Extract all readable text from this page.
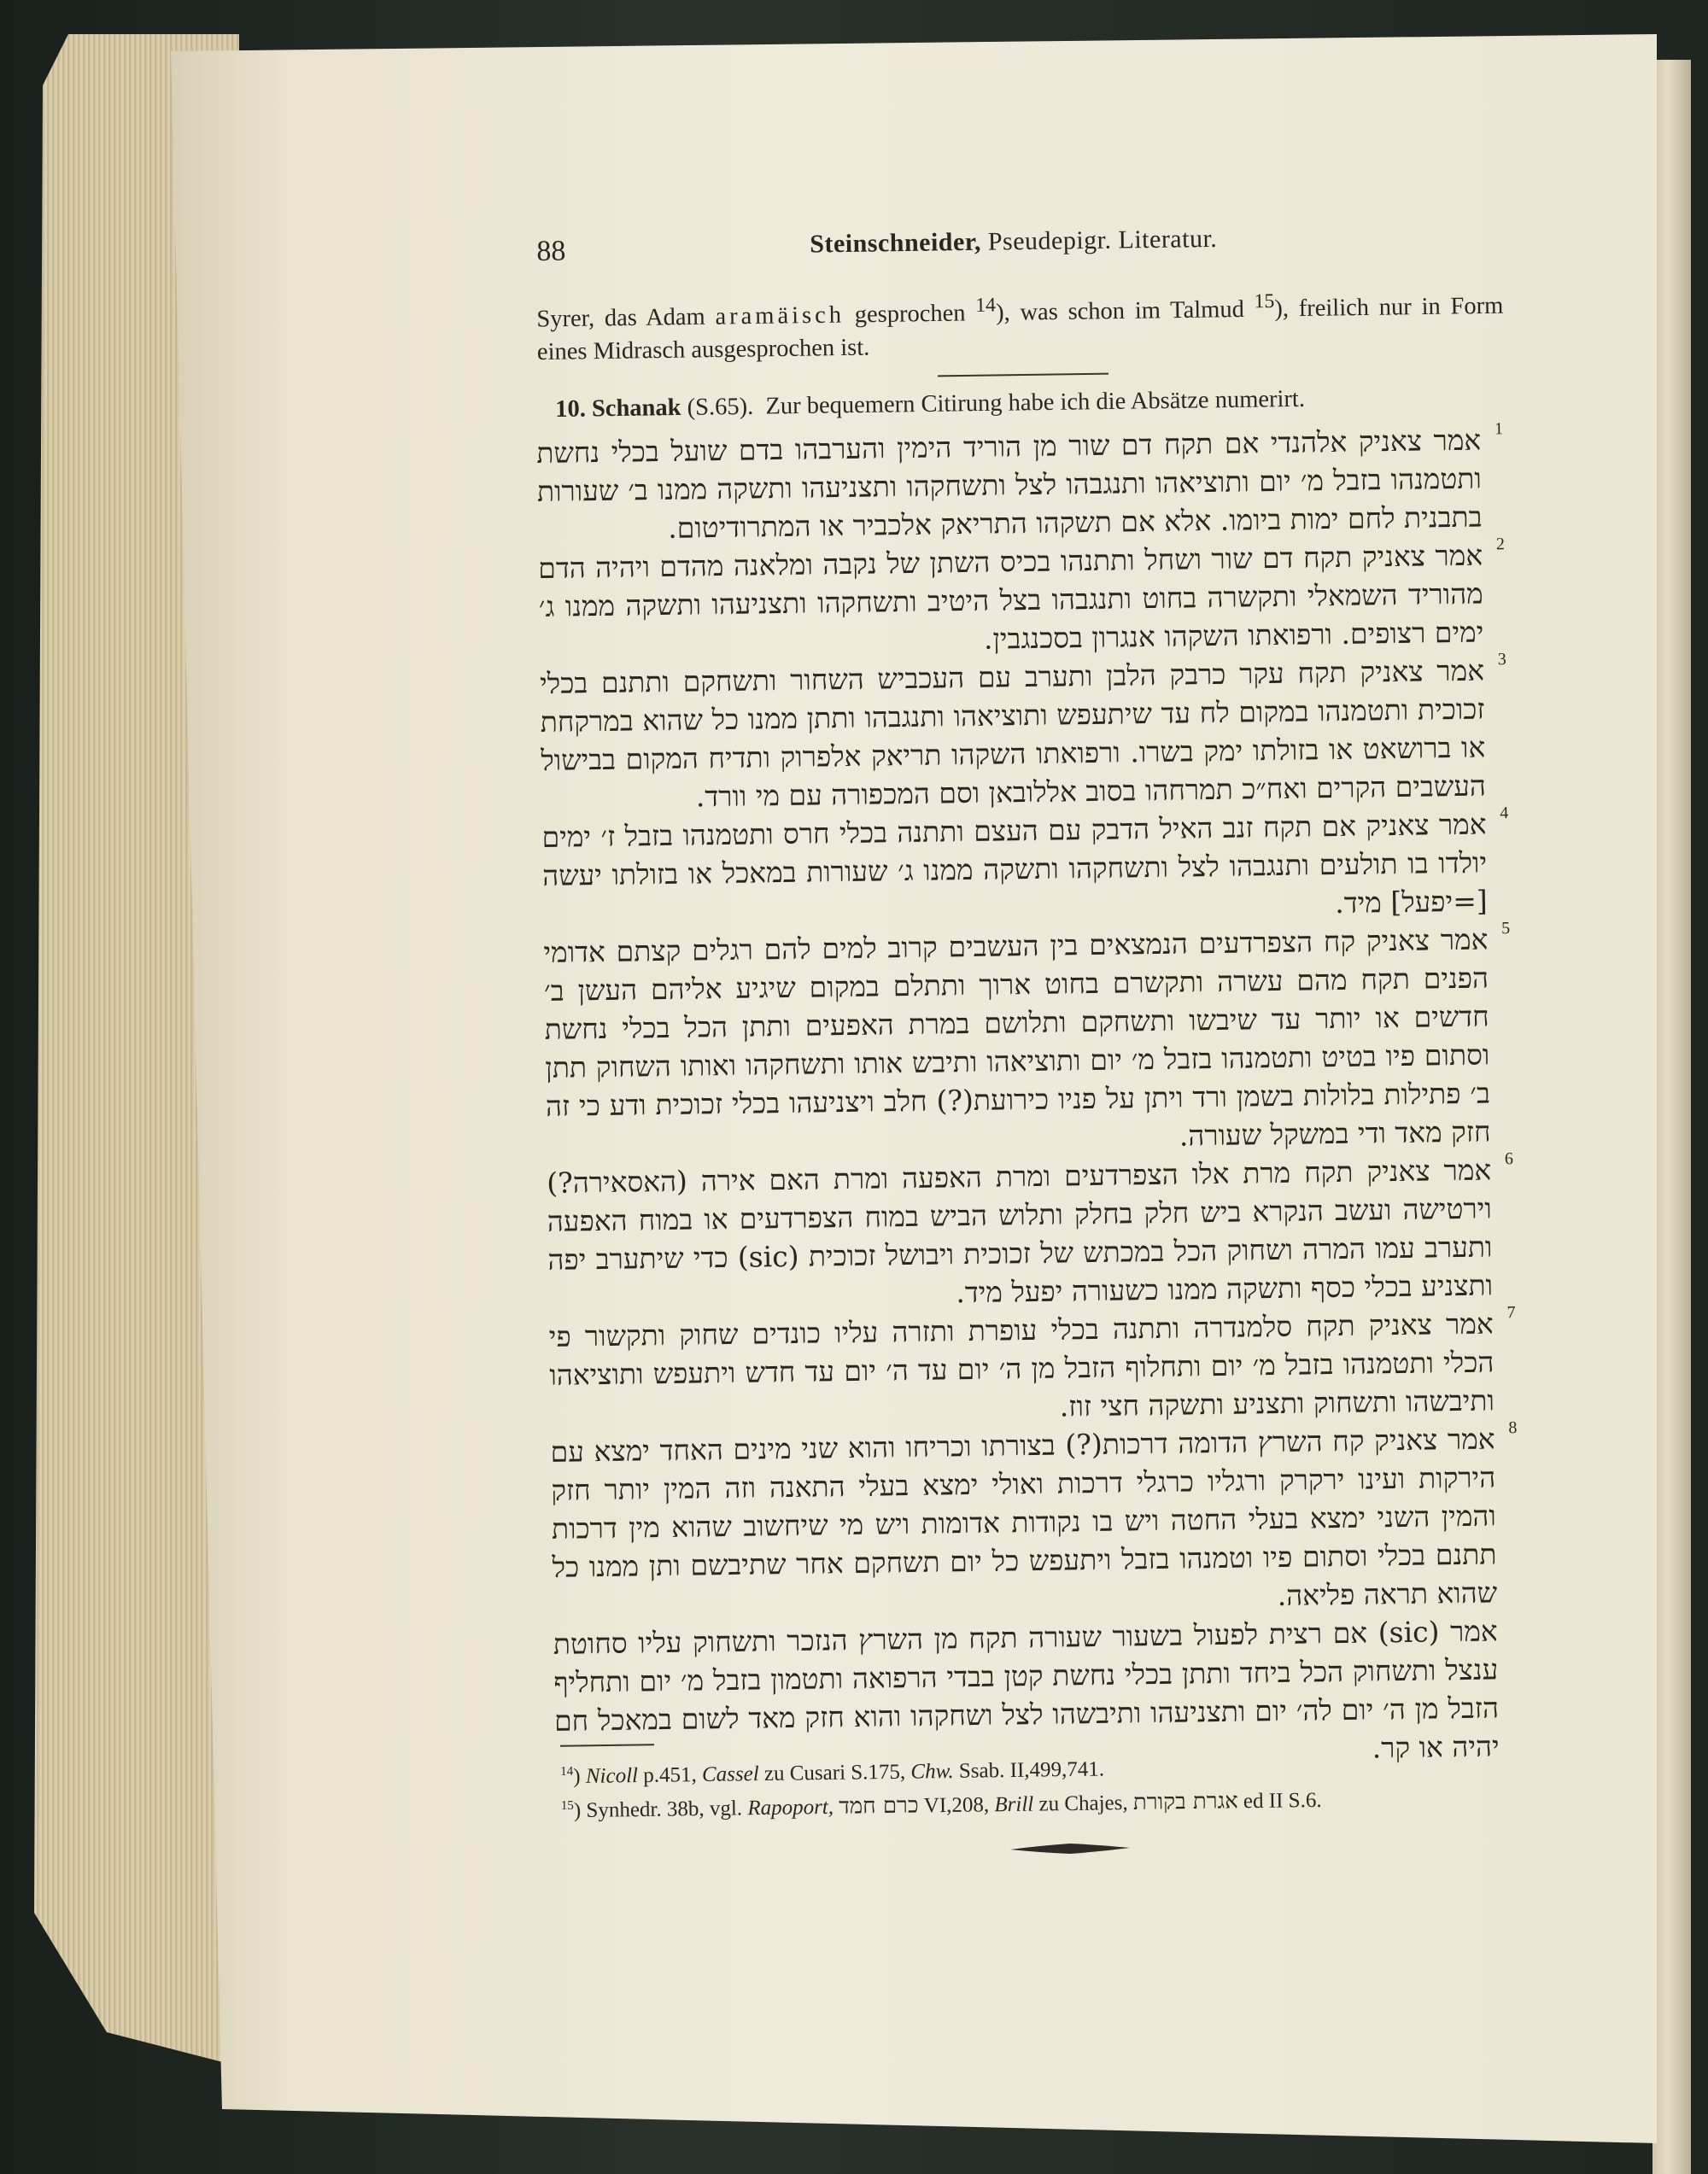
88	Steinschneider, Pseudepigr. Literatur.
Syrer, das Adam aramäisch gesprochen $^{14}$), was schon im Talmud $^{15}$), freilich nur in Form eines Midrasch ausgesprochen ist.
10. Schanak (S.65). Zur bequemern Citirung habe ich die Absätze numerirt.
1
אמר צאניק אלהנדי אם תקח דם שור מן הוריד הימין והערבהו בדם שועל בכלי נחשת ותטמנהו בזבל מ׳ יום ותוציאהו ותנגבהו לצל ותשחקהו ותצניעהו ותשקה ממנו ב׳ שעורות בתבנית לחם ימות ביומו. אלא אם תשקהו התריאק אלכביר או המתרודיטום. 2
אמר צאניק תקח דם שור ושחל ותתנהו בכיס השתן של נקבה ומלאנה מהדם ויהיה הדם מהוריד השמאלי ותקשרה בחוט ותנגבהו בצל היטיב ותשחקהו ותצניעהו ותשקה ממנו ג׳ ימים רצופים. ורפואתו השקהו אנגרון בסכנגבין.
3
אמר צאניק תקח עקר כרבק הלבן ותערב עם העכביש השחור ותשחקם ותתנם בכלי זכוכית ותטמנהו במקום לח עד שיתעפש ותוציאהו ותנגבהו ותתן ממנו כל שהוא במרקחת או ברושאט או בזולתו ימק בשרו. ורפואתו השקהו תריאק אלפרוק ותדיח המקום בבישול העשבים הקרים ואח״כ תמרחהו בסוב אללובאן וסם המכפורה עם מי וורד. 4
אמר צאניק אם תקח זנב האיל הדבק עם העצם ותתנה בכלי חרס ותטמנהו בזבל ז׳ ימים יולדו בו תולעים ותנגבהו לצל ותשחקהו ותשקה ממנו ג׳ שעורות במאכל או בזולתו יעשה [=יפעל] מיד.
5
אמר צאניק קח הצפרדעים הנמצאים בין העשבים קרוב למים להם רגלים קצתם אדומי הפנים תקח מהם עשרה ותקשרם בחוט ארוך ותתלם במקום שיגיע אליהם העשן ב׳ חדשים או יותר עד שיבשו ותשחקם ותלושם במרת האפעים ותתן הכל בכלי נחשת וסתום פיו בטיט ותטמנהו בזבל מ׳ יום ותוציאהו ותיבש אותו ותשחקהו ואותו השחוק תתן ב׳ פתילות בלולות בשמן ורד ויתן על פניו כירועת(?) חלב ויצניעהו בכלי זכוכית ודע כי זה חזק מאד ודי במשקל שעורה.
6
אמר צאניק תקח מרת אלו הצפרדעים ומרת האפעה ומרת האם אירה (האסאירה?) וירטישה ועשב הנקרא ביש חלק בחלק ותלוש הביש במוח הצפרדעים או במוח האפעה ותערב עמו המרה ושחוק הכל במכתש של זכוכית ויבושל זכוכית (sic) כדי שיתערב יפה ותצניע בכלי כסף ותשקה ממנו כשעורה יפעל מיד.
7
אמר צאניק תקח סלמנדרה ותתנה בכלי עופרת ותזרה עליו כונדים שחוק ותקשור פי הכלי ותטמנהו בזבל מ׳ יום ותחלוף הזבל מן ה׳ יום עד ה׳ יום עד חדש ויתעפש ותוציאהו ותיבשהו ותשחוק ותצניע ותשקה חצי זוז.
8
אמר צאניק קח השרץ הדומה דרכות(?) בצורתו וכריחו והוא שני מינים האחד ימצא עם הירקות ועינו ירקרק ורגליו כרגלי דרכות ואולי ימצא בעלי התאנה וזה המין יותר חזק והמין השני ימצא בעלי החטה ויש בו נקודות אדומות ויש מי שיחשוב שהוא מין דרכות תתנם בכלי וסתום פיו וטמנהו בזבל ויתעפש כל יום תשחקם אחר שתיבשם ותן ממנו כל שהוא תראה פליאה.
אמר (sic) אם רצית לפעול בשעור שעורה תקח מן השרץ הנזכר ותשחוק עליו סחוטת ענצל ותשחוק הכל ביחד ותתן בכלי נחשת קטן בבדי הרפואה ותטמון בזבל מ׳ יום ותחליף הזבל מן ה׳ יום לה׳ יום ותצניעהו ותיבשהו לצל ושחקהו והוא חזק מאד לשום במאכל חם יהיה או קר.

$^{14}$) Nicoll p.451, Cassel zu Cusari S.175, Chw. Ssab. II,499,741.

$^{15}$) Synhedr. 38b, vgl. Rapoport, כרם חמד VI,208, Brill zu Chajes, אגרת בקורת ed II S.6.
